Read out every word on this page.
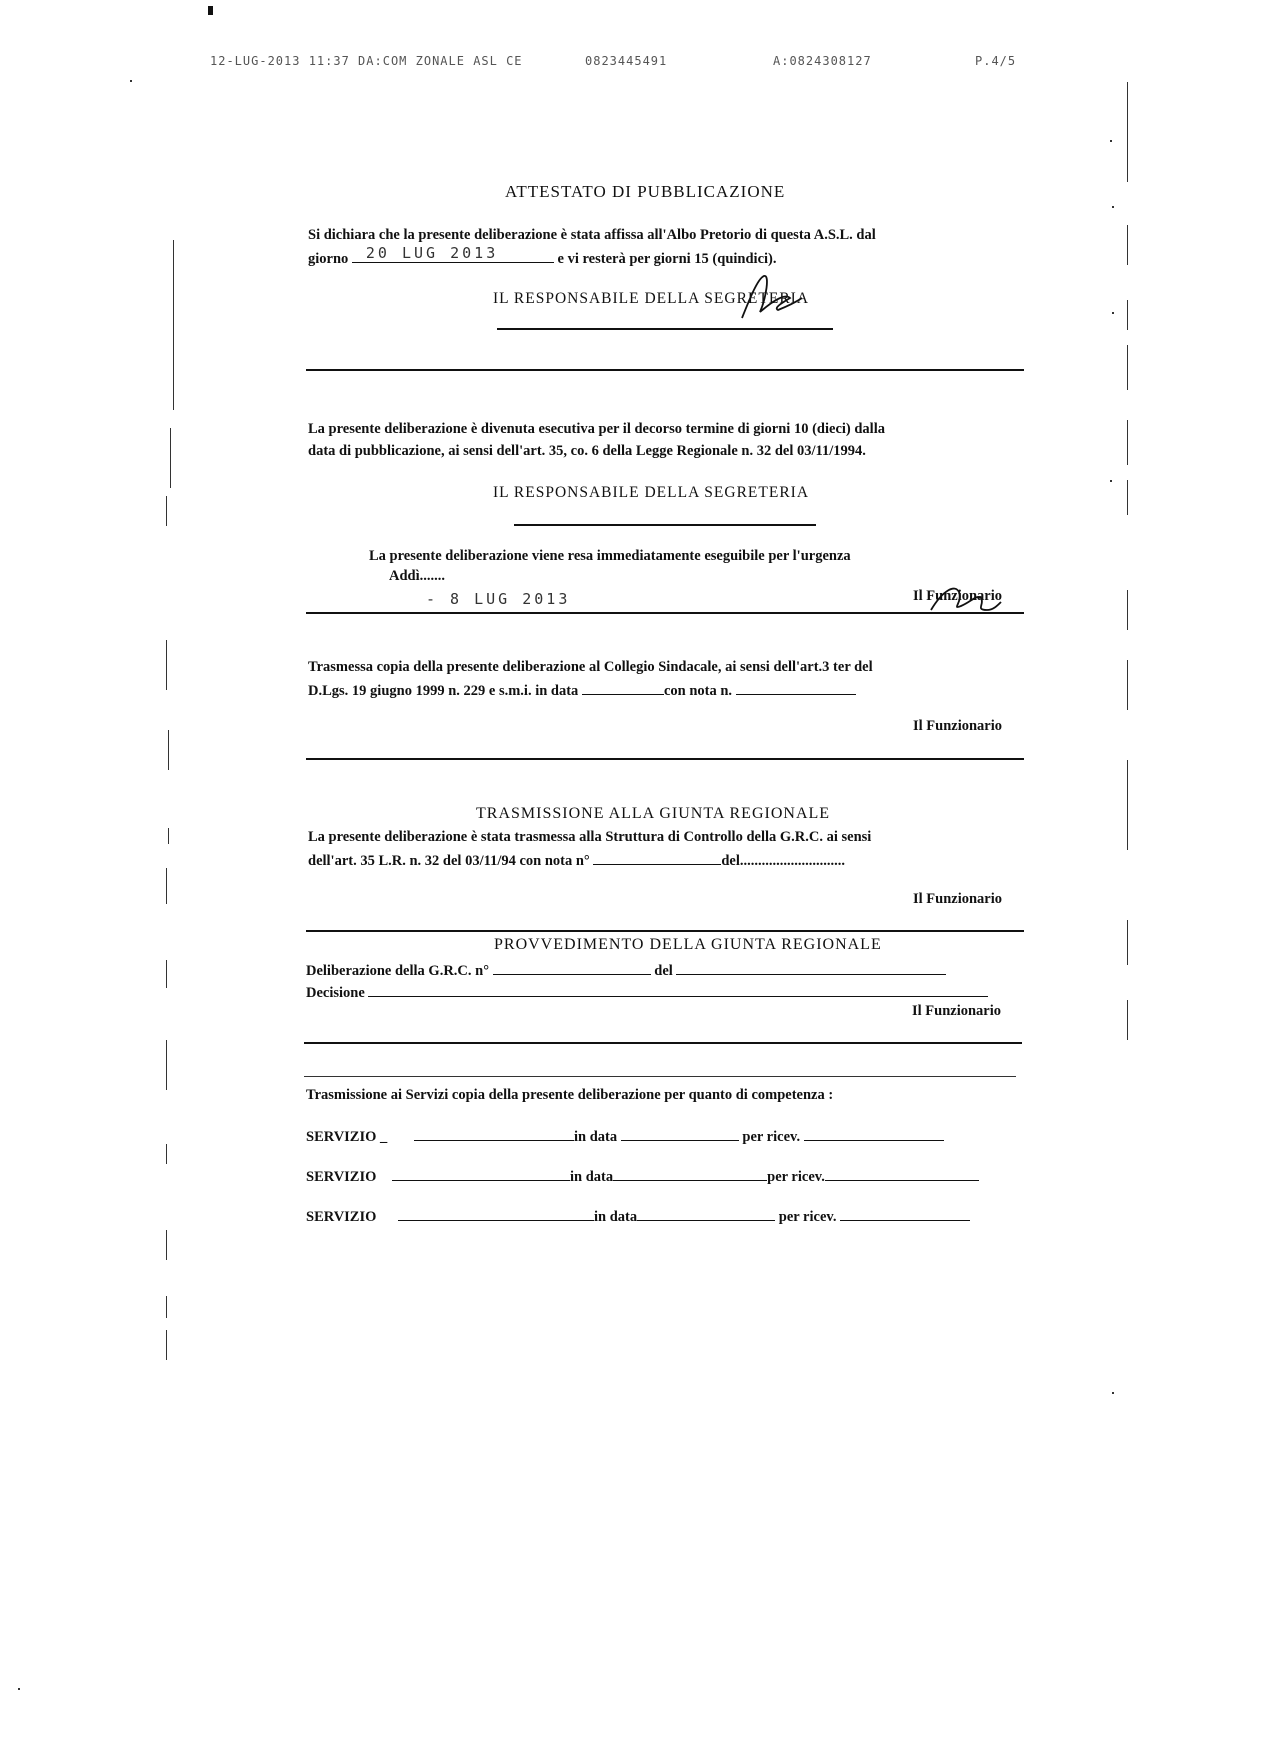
12-LUG-2013 11:37 DA:COM ZONALE ASL CE	0823445491	A:0824308127	P.4/5
ATTESTATO DI PUBBLICAZIONE
Si dichiara che la presente deliberazione è stata affissa all'Albo Pretorio di questa A.S.L. dal
giorno 20 LUG 2013	e vi resterà per giorni 15 (quindici).
IL RESPONSABILE DELLA SEGRETERIA
La presente deliberazione è divenuta esecutiva per il decorso termine di giorni 10 (dieci) dalla
data di pubblicazione, ai sensi dell'art. 35, co. 6 della Legge Regionale n. 32 del 03/11/1994.
IL RESPONSABILE DELLA SEGRETERIA
La presente deliberazione viene resa immediatamente eseguibile per l'urgenza
Addì.......
- 8 LUG 2013	Il Funzionario
Trasmessa copia della presente deliberazione al Collegio Sindacale, ai sensi dell'art.3 ter del
D.Lgs. 19 giugno 1999 n. 229 e s.m.i. in data	con nota n.
Il Funzionario
TRASMISSIONE ALLA GIUNTA REGIONALE
La presente deliberazione è stata trasmessa alla Struttura di Controllo della G.R.C. ai sensi
dell'art. 35 L.R. n. 32 del 03/11/94 con nota n°	del.............................
Il Funzionario
PROVVEDIMENTO DELLA GIUNTA REGIONALE
Deliberazione della G.R.C. n°	del
Decisione
Il Funzionario
Trasmissione ai Servizi copia della presente deliberazione per quanto di competenza :
SERVIZIO _	in data	per ricev.
SERVIZIO	in data	per ricev.
SERVIZIO	in data	per ricev.
